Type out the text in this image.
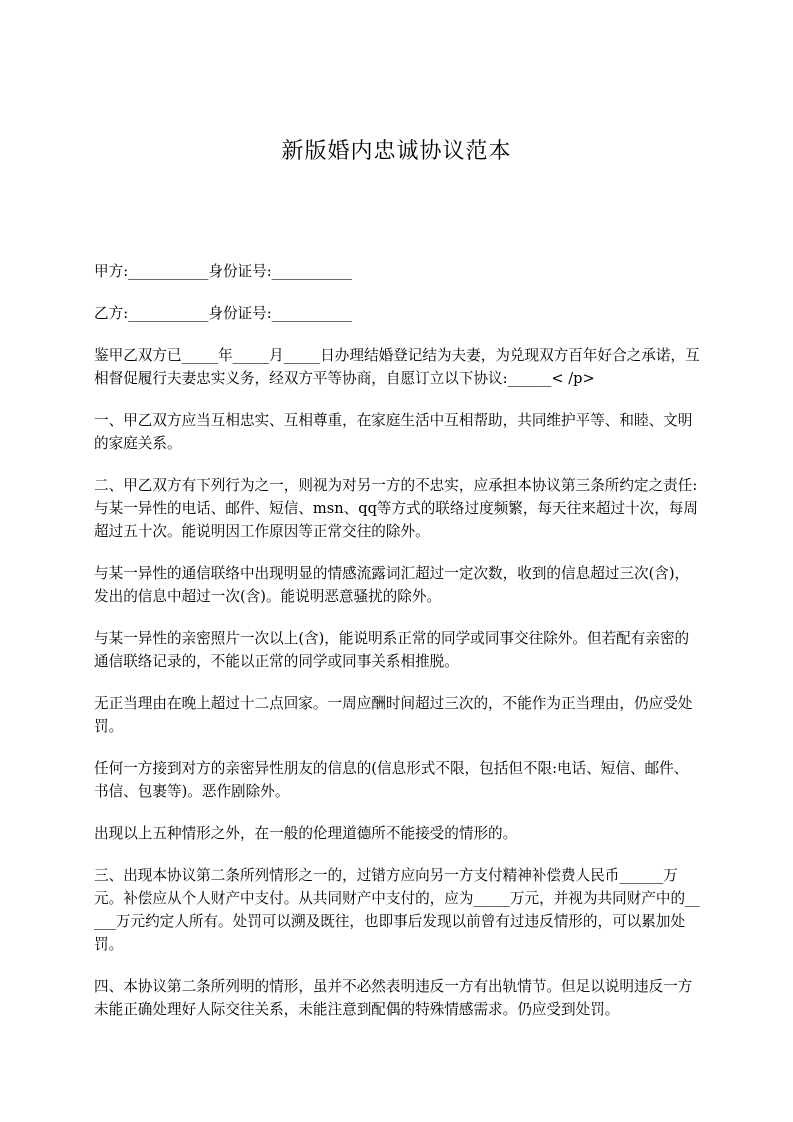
新版婚内忠诚协议范本

甲方:___________身份证号:___________

乙方:___________身份证号:___________

鉴甲乙双方已_____年_____月_____日办理结婚登记结为夫妻，为兑现双方百年好合之承诺，互相督促履行夫妻忠实义务，经双方平等协商，自愿订立以下协议:______< /p>

一、甲乙双方应当互相忠实、互相尊重，在家庭生活中互相帮助，共同维护平等、和睦、文明的家庭关系。

二、甲乙双方有下列行为之一，则视为对另一方的不忠实，应承担本协议第三条所约定之责任:与某一异性的电话、邮件、短信、msn、qq等方式的联络过度频繁，每天往来超过十次，每周超过五十次。能说明因工作原因等正常交往的除外。

与某一异性的通信联络中出现明显的情感流露词汇超过一定次数，收到的信息超过三次(含)，发出的信息中超过一次(含)。能说明恶意骚扰的除外。

与某一异性的亲密照片一次以上(含)，能说明系正常的同学或同事交往除外。但若配有亲密的通信联络记录的，不能以正常的同学或同事关系相推脱。

无正当理由在晚上超过十二点回家。一周应酬时间超过三次的，不能作为正当理由，仍应受处罚。

任何一方接到对方的亲密异性朋友的信息的(信息形式不限，包括但不限:电话、短信、邮件、书信、包裹等)。恶作剧除外。

出现以上五种情形之外，在一般的伦理道德所不能接受的情形的。

三、出现本协议第二条所列情形之一的，过错方应向另一方支付精神补偿费人民币______万元。补偿应从个人财产中支付。从共同财产中支付的，应为_____万元，并视为共同财产中的_____万元约定人所有。处罚可以溯及既往，也即事后发现以前曾有过违反情形的，可以累加处罚。

四、本协议第二条所列明的情形，虽并不必然表明违反一方有出轨情节。但足以说明违反一方未能正确处理好人际交往关系，未能注意到配偶的特殊情感需求。仍应受到处罚。
